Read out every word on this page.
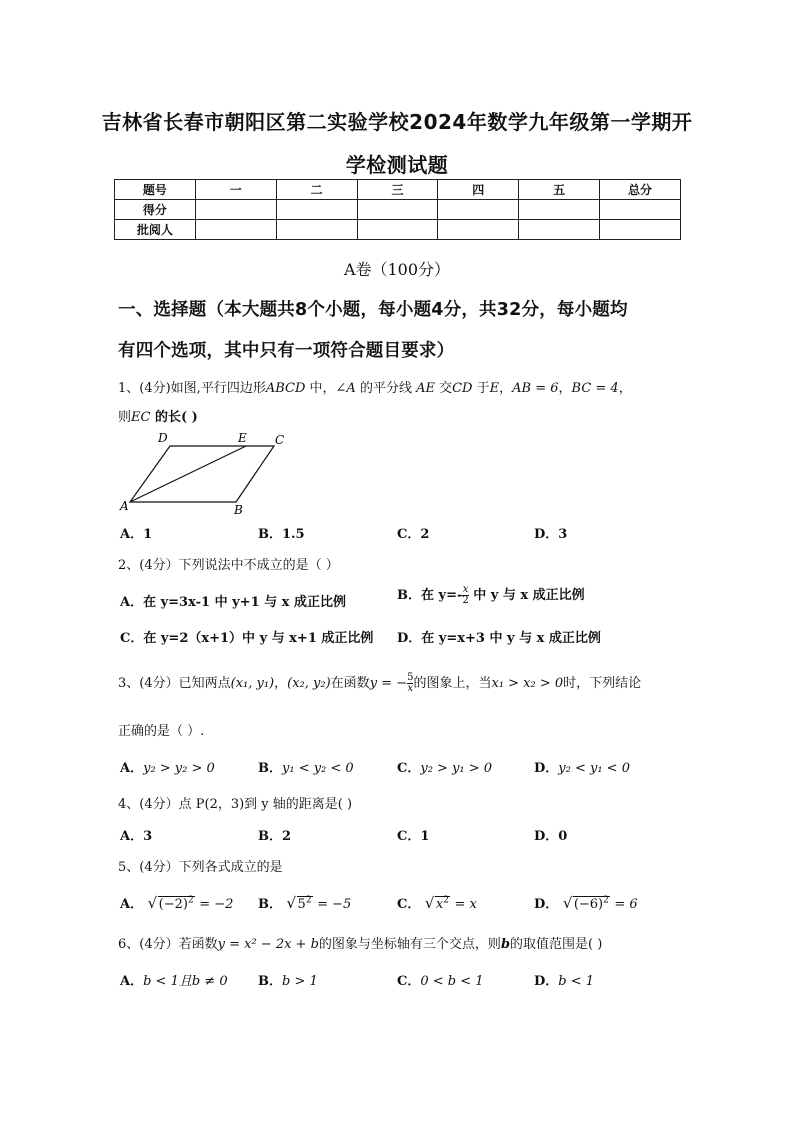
吉林省长春市朝阳区第二实验学校2024年数学九年级第一学期开
学检测试题
题号	一	二	三	四	五	总分
得分						
批阅人						
A卷（100分）
一、选择题（本大题共8个小题，每小题4分，共32分，每小题均
有四个选项，其中只有一项符合题目要求）
1、(4分)如图,平行四边形ABCD 中，∠A 的平分线 AE 交CD 于E，AB = 6，BC = 4，
则EC 的长( )
D	E C
A	B
A．1	B．1.5	C．2	D．3
2、(4分）下列说法中不成立的是（ ）
A．在 y=3x-1 中 y+1 与 x 成正比例	B．在 $y=- \frac{x}{2}$ 中 y 与 x 成正比例
C．在 y=2（x+1）中 y 与 x+1 成正比例 D．在 y=x+3 中 y 与 x 成正比例
3、(4分）已知两点(x₁, y₁)，(x₂, y₂)在函数y = − $\frac{5}{x}$ 的图象上，当x₁ > x₂ > 0时，下列结论
正确的是（ ）.
A．y₂ > y₂ > 0	B．y₁ < y₂ < 0	C．y₂ > y₁ > 0	D．y₂ < y₁ < 0
4、(4分）点 P(2，3)到 y 轴的距离是( )
A．3	B．2	C．1	D．0
5、(4分）下列各式成立的是
A． √ $(-2)^2 = -2$ B． √ $5^2 = -5$	C． √ $x^2 = x$	D． √ $(-6)^2 = 6$
6、(4分）若函数y = x² − 2x + b的图象与坐标轴有三个交点，则b的取值范围是( )
A．b < 1且b ≠ 0 B．b > 1	C．0 < b < 1	D．b < 1
